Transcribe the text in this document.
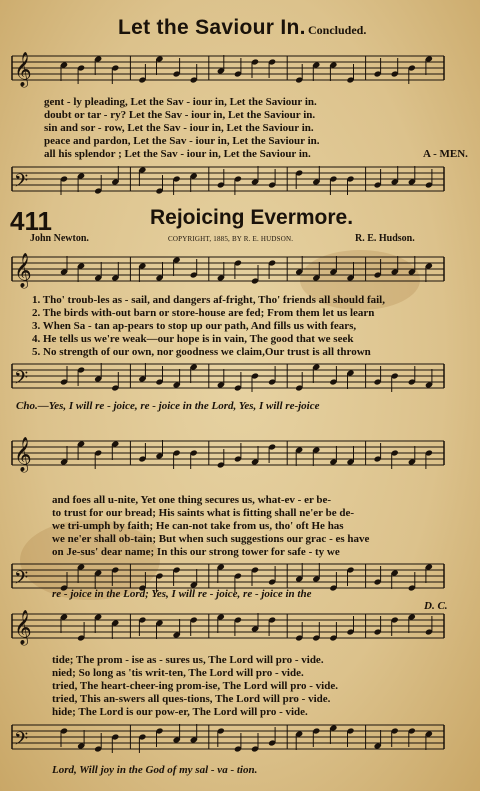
Let the Saviour In. Concluded.
𝄞
gent - ly pleading, Let the Sav - iour in, Let the Saviour in.
doubt or tar - ry? Let the Sav - iour in, Let the Saviour in.
sin and sor - row, Let the Sav - iour in, Let the Saviour in.
peace and pardon, Let the Sav - iour in, Let the Saviour in.
all his splendor ; Let the Sav - iour in, Let the Saviour in.	A - MEN.
𝄢
411	Rejoicing Evermore.
John Newton.	COPYRIGHT, 1885, BY R. E. HUDSON.	R. E. Hudson.
𝄞
1. Tho' troub-les as - sail, and dangers af-fright, Tho' friends all should fail,
2. The birds with-out barn or store-house are fed; From them let us learn
3. When Sa - tan ap-pears to stop up our path, And fills us with fears,
4. He tells us we're weak—our hope is in vain, The good that we seek
5. No strength of our own, nor goodness we claim,Our trust is all thrown
𝄢
Cho.—Yes, I will re - joice, re - joice in the Lord, Yes, I will re-joice
𝄞
and foes all u-nite, Yet one thing secures us, what-ev - er be-
to trust for our bread; His saints what is fitting shall ne'er be de-
we tri-umph by faith; He can-not take from us, tho' oft He has
we ne'er shall ob-tain; But when such suggestions our grac - es have
on Je-sus' dear name; In this our strong tower for safe - ty we
𝄢
re - joice in the Lord; Yes, I will re - joice, re - joice in the
D. C.
𝄞
tide; The prom - ise as - sures us, The Lord will pro - vide.
nied; So long as 'tis writ-ten, The Lord will pro - vide.
tried, The heart-cheer-ing prom-ise, The Lord will pro - vide.
tried, This an-swers all ques-tions, The Lord will pro - vide.
hide; The Lord is our pow-er, The Lord will pro - vide.
𝄢
Lord, Will joy in the God of my sal - va - tion.
